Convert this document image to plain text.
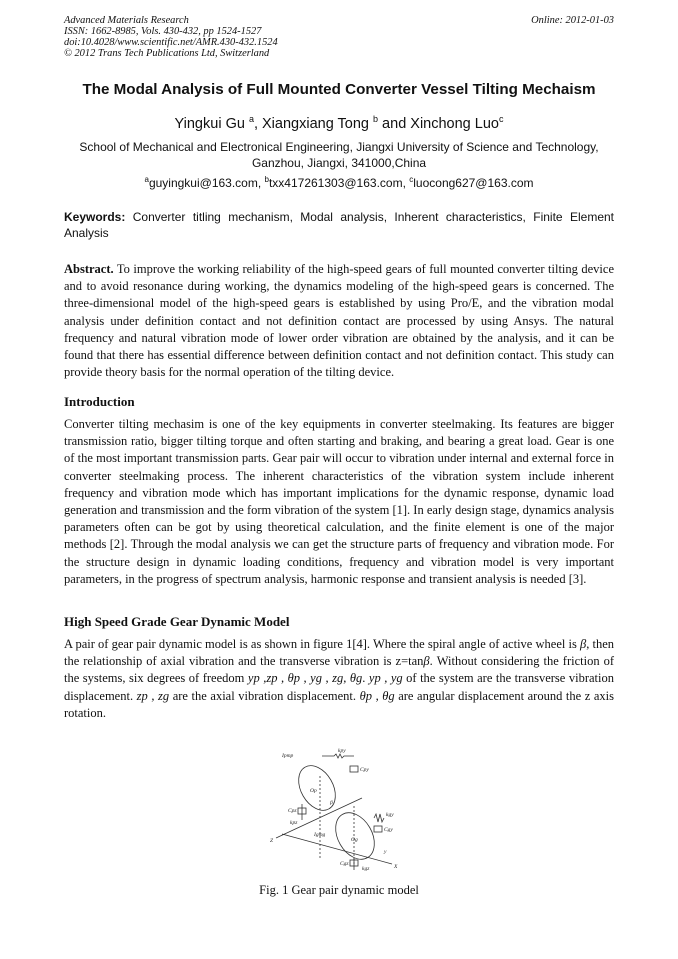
Advanced Materials Research
ISSN: 1662-8985, Vols. 430-432, pp 1524-1527
doi:10.4028/www.scientific.net/AMR.430-432.1524
© 2012 Trans Tech Publications Ltd, Switzerland
Online: 2012-01-03
The Modal Analysis of Full Mounted Converter Vessel Tilting Mechaism
Yingkui Gu $^a$, Xiangxiang Tong $^b$ and Xinchong Luo$^c$
School of Mechanical and Electronical Engineering, Jiangxi University of Science and Technology, Ganzhou, Jiangxi, 341000,China
$^a$guyingkui@163.com, $^b$txx417261303@163.com, $^c$luocong627@163.com
Keywords: Converter titling mechanism, Modal analysis, Inherent characteristics, Finite Element Analysis
Abstract. To improve the working reliability of the high-speed gears of full mounted converter tilting device and to avoid resonance during working, the dynamics modeling of the high-speed gears is concerned. The three-dimensional model of the high-speed gears is established by using Pro/E, and the vibration modal analysis under definition contact and not definition contact are processed by using Ansys. The natural frequency and natural vibration mode of lower order vibration are obtained by the analysis, and it can be found that there has essential difference between definition contact and not definition contact. This study can provide theory basis for the normal operation of the tilting device.
Introduction
Converter tilting mechasim is one of the key equipments in converter steelmaking. Its features are bigger transmission ratio, bigger tilting torque and often starting and braking, and bearing a great load. Gear is one of the most important transmission parts. Gear pair will occur to vibration under internal and external force in converter steelmaking process. The inherent characteristics of the vibration system include inherent frequency and vibration mode which has important implications for the dynamic response, dynamic load generation and transmission and the form vibration of the system [1]. In early design stage, dynamics analysis parameters often can be got by using theoretical calculation, and the finite element is one of the major methods [2]. Through the modal analysis we can get the structure parts of frequency and vibration mode. For the structure design in dynamic loading conditions, frequency and vibration model is very important parameters, in the progress of spectrum analysis, harmonic response and transient analysis is needed [3].
High Speed Grade Gear Dynamic Model
A pair of gear pair dynamic model is as shown in figure 1[4]. Where the spiral angle of active wheel is β, then the relationship of axial vibration and the transverse vibration is z=tanβ. Without considering the friction of the systems, six degrees of freedom yp ,zp , θp , yg , zg, θg. yp , yg of the system are the transverse vibration displacement. zp , zg are the axial vibration displacement. θp , θg are angular displacement around the z axis rotation.
Ipmp
kpy
Cpy
Op
Cpz
kpz
β
Z
Igmg
Og
kgy
Cgy
Cgz
kgz
y
X
Fig. 1 Gear pair dynamic model
